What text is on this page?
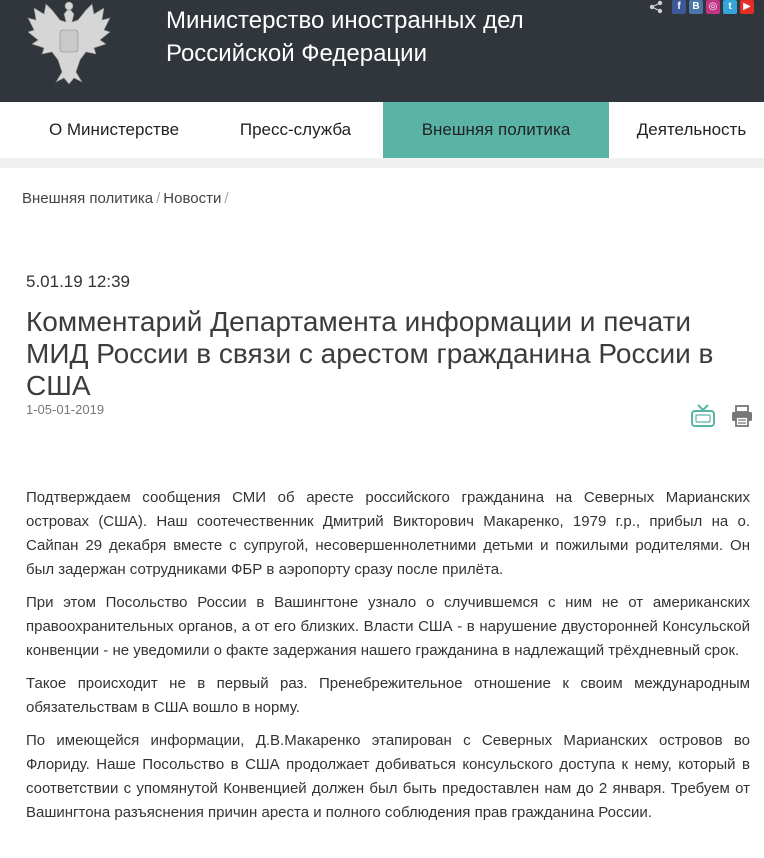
Министерство иностранных дел
Российской Федерации
f	B ◎	t	▶
О Министерстве	Пресс-служба	Внешняя политика	Деятельность
Внешняя политика / Новости /
5.01.19 12:39
Комментарий Департамента информации и печати МИД России в связи с арестом гражданина России в США
1-05-01-2019

Подтверждаем сообщения СМИ об аресте российского гражданина на Северных Марианских островах (США). Наш соотечественник Дмитрий Викторович Макаренко, 1979 г.р., прибыл на о. Сайпан 29 декабря вместе с супругой, несовершеннолетними детьми и пожилыми родителями. Он был задержан сотрудниками ФБР в аэропорту сразу после прилёта.

При этом Посольство России в Вашингтоне узнало о случившемся с ним не от американских правоохранительных органов, а от его близких. Власти США - в нарушение двусторонней Консульской конвенции - не уведомили о факте задержания нашего гражданина в надлежащий трёхдневный срок.

Такое происходит не в первый раз. Пренебрежительное отношение к своим международным обязательствам в США вошло в норму.

По имеющейся информации, Д.В.Макаренко этапирован с Северных Марианских островов во Флориду. Наше Посольство в США продолжает добиваться консульского доступа к нему, который в соответствии с упомянутой Конвенцией должен был быть предоставлен нам до 2 января. Требуем от Вашингтона разъяснения причин ареста и полного соблюдения прав гражданина России.
